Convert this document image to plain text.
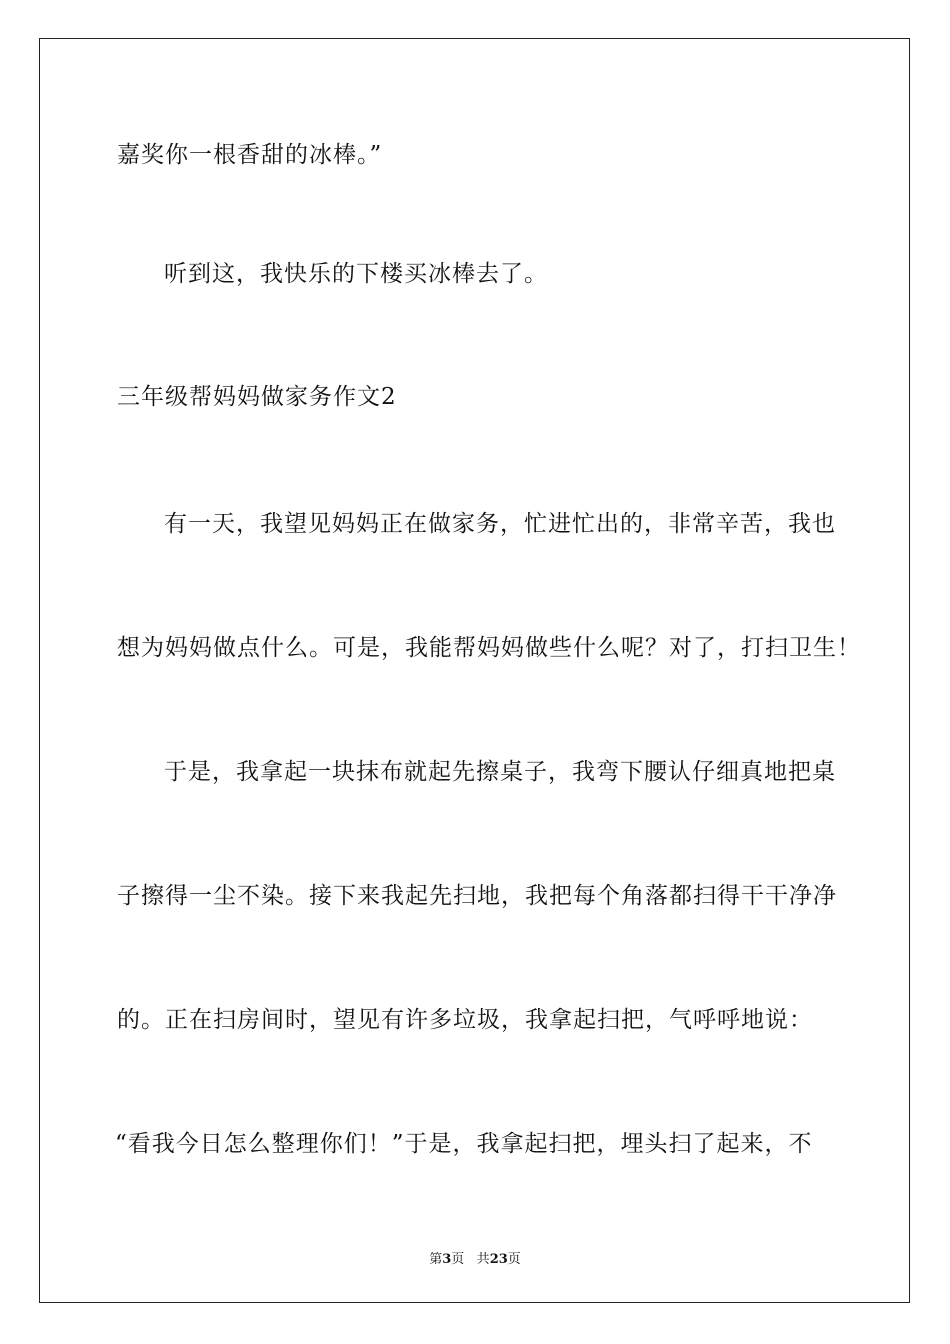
嘉奖你一根香甜的冰棒。”

听到这，我快乐的下楼买冰棒去了。

三年级帮妈妈做家务作文2

有一天，我望见妈妈正在做家务，忙进忙出的，非常辛苦，我也

想为妈妈做点什么。可是，我能帮妈妈做些什么呢？对了，打扫卫生！

于是，我拿起一块抹布就起先擦桌子，我弯下腰认仔细真地把桌

子擦得一尘不染。接下来我起先扫地，我把每个角落都扫得干干净净

的。正在扫房间时，望见有许多垃圾，我拿起扫把，气呼呼地说：

“看我今日怎么整理你们！”于是，我拿起扫把，埋头扫了起来，不

第3页 共23页
